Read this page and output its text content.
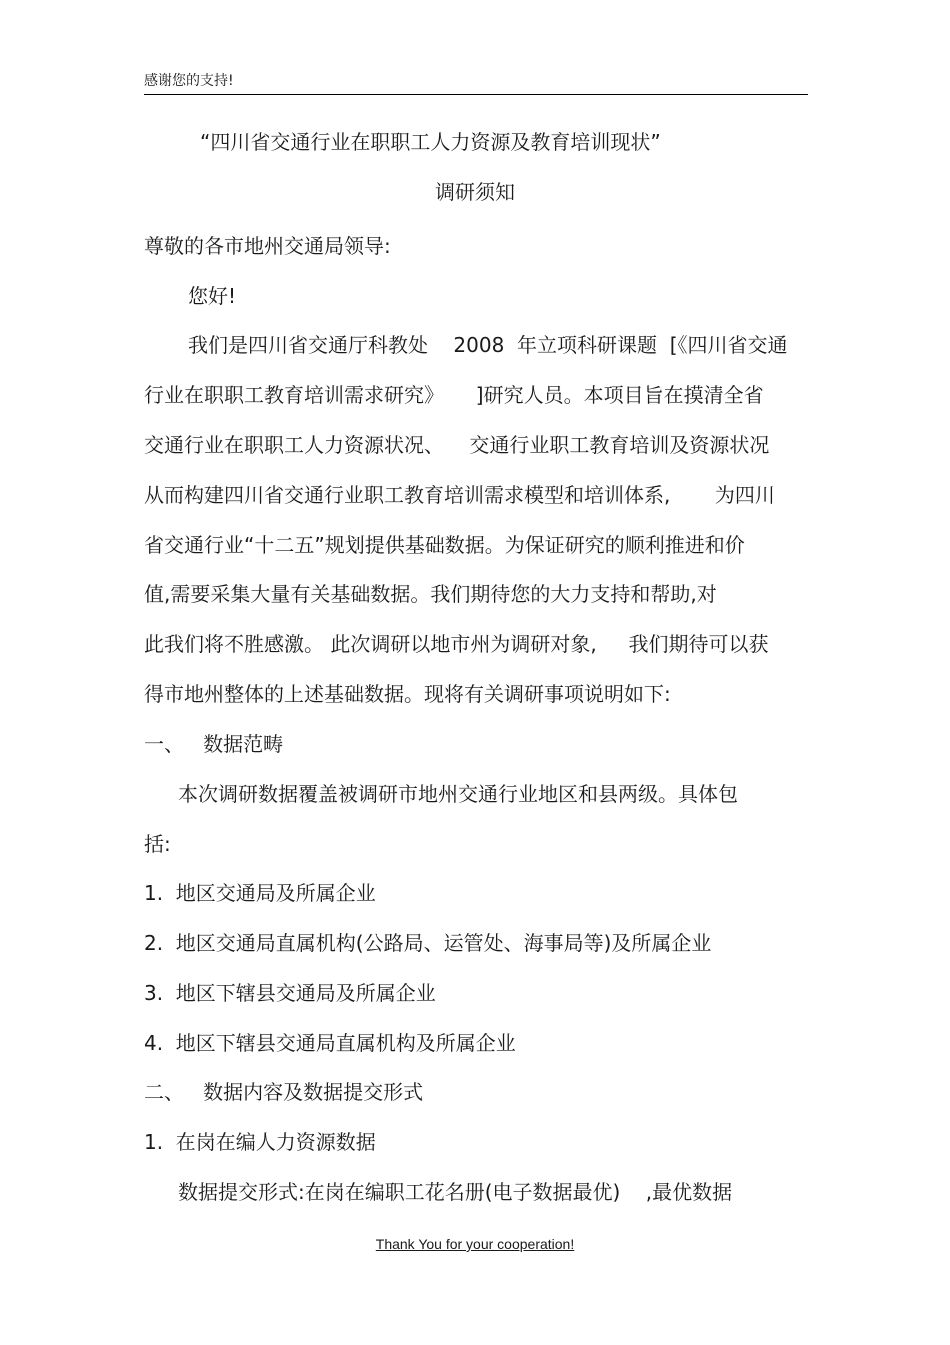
感谢您的支持!
“四川省交通行业在职职工人力资源及教育培训现状”
调研须知
尊敬的各市地州交通局领导:
您好!
我们是四川省交通厅科教处    2008  年立项科研课题  [《四川省交通
行业在职职工教育培训需求研究》     ]研究人员。本项目旨在摸清全省
交通行业在职职工人力资源状况、    交通行业职工教育培训及资源状况
从而构建四川省交通行业职工教育培训需求模型和培训体系,       为四川
省交通行业“十二五”规划提供基础数据。为保证研究的顺利推进和价
值,需要采集大量有关基础数据。我们期待您的大力支持和帮助,对
此我们将不胜感激。 此次调研以地市州为调研对象,     我们期待可以获
得市地州整体的上述基础数据。现将有关调研事项说明如下:
一、   数据范畴
本次调研数据覆盖被调研市地州交通行业地区和县两级。具体包
括:
1.  地区交通局及所属企业
2.  地区交通局直属机构(公路局、运管处、海事局等)及所属企业
3.  地区下辖县交通局及所属企业
4.  地区下辖县交通局直属机构及所属企业
二、   数据内容及数据提交形式
1.  在岗在编人力资源数据
数据提交形式:在岗在编职工花名册(电子数据最优)    ,最优数据
Thank You for your cooperation!
